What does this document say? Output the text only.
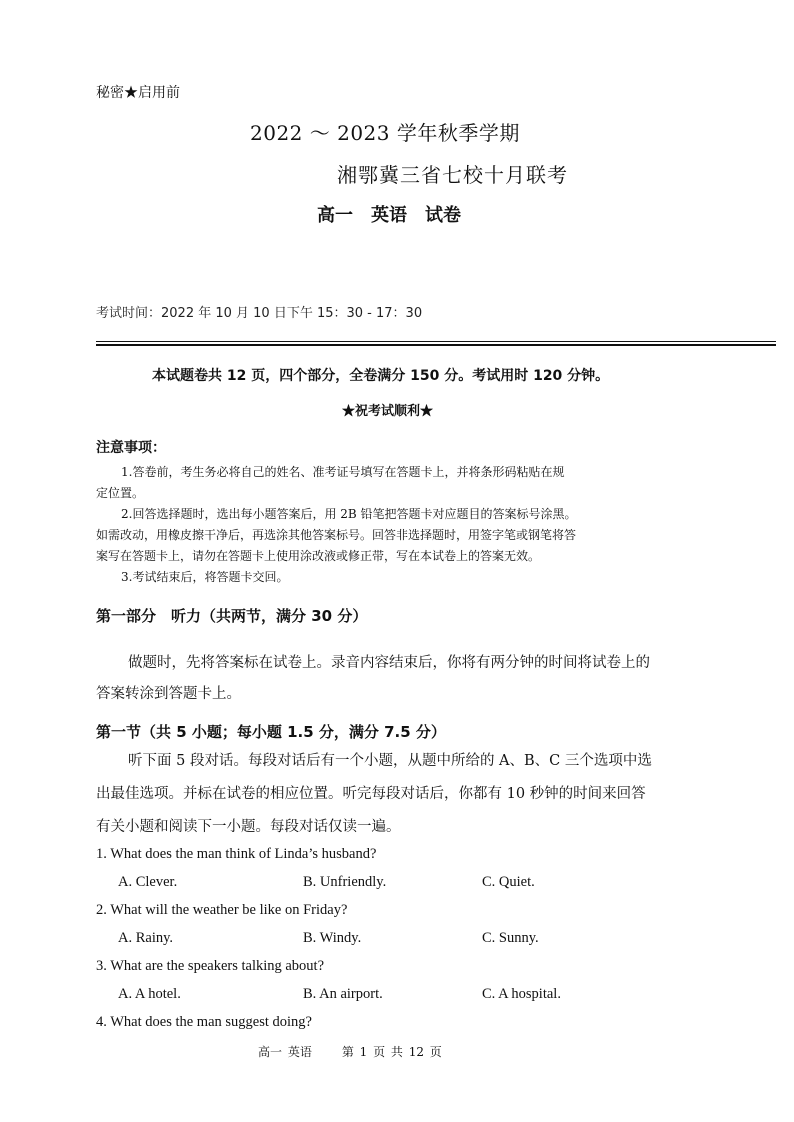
秘密★启用前
2022 ～ 2023 学年秋季学期
湘鄂冀三省七校十月联考
高一　英语　试卷
考试时间：2022 年 10 月 10 日下午 15：30 - 17：30
本试题卷共 12 页，四个部分，全卷满分 150 分。考试用时 120 分钟。
★祝考试顺利★
注意事项：
1.答卷前，考生务必将自己的姓名、准考证号填写在答题卡上，并将条形码粘贴在规
定位置。
2.回答选择题时，选出每小题答案后，用 2B 铅笔把答题卡对应题目的答案标号涂黑。
如需改动，用橡皮擦干净后，再选涂其他答案标号。回答非选择题时，用签字笔或钢笔将答
案写在答题卡上，请勿在答题卡上使用涂改液或修正带，写在本试卷上的答案无效。
3.考试结束后，将答题卡交回。
第一部分　听力（共两节，满分 30 分）
做题时，先将答案标在试卷上。录音内容结束后，你将有两分钟的时间将试卷上的
答案转涂到答题卡上。
第一节（共 5 小题；每小题 1.5 分，满分 7.5 分）
听下面 5 段对话。每段对话后有一个小题，从题中所给的 A、B、C 三个选项中选
出最佳选项。并标在试卷的相应位置。听完每段对话后，你都有 10 秒钟的时间来回答
有关小题和阅读下一小题。每段对话仅读一遍。
1. What does the man think of Linda’s husband?
A. Clever.	B. Unfriendly.	C. Quiet.
2. What will the weather be like on Friday?
A. Rainy.	B. Windy.	C. Sunny.
3. What are the speakers talking about?
A. A hotel.	B. An airport.	C. A hospital.
4. What does the man suggest doing?
高一 英语	第 1 页 共 12 页
